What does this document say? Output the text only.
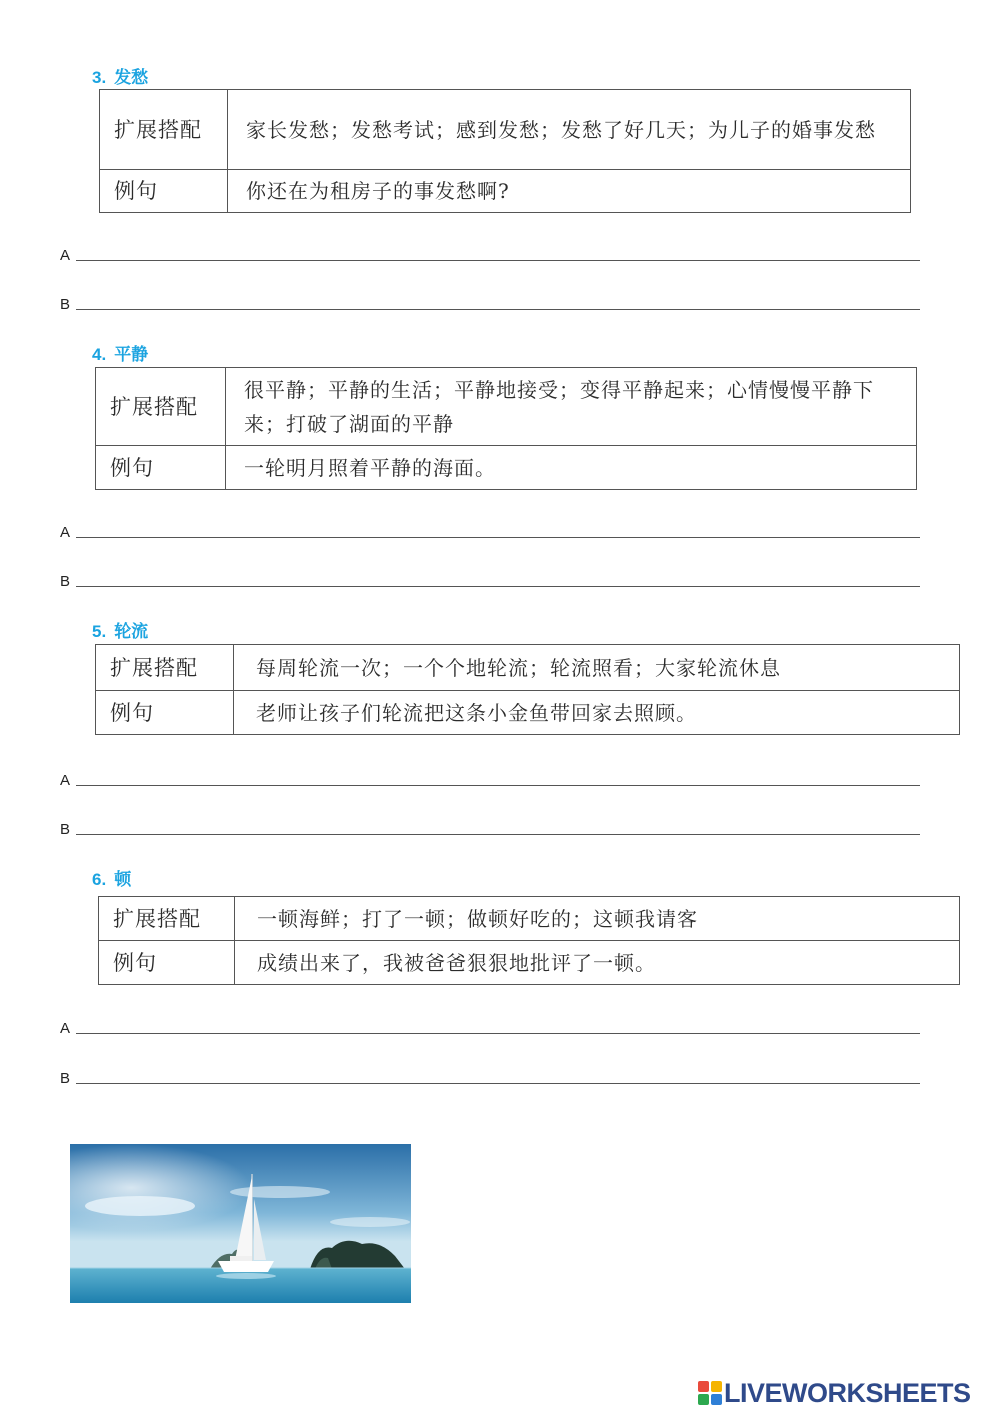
3. 发愁
扩展搭配	家长发愁；发愁考试；感到发愁；发愁了好几天；为儿子的婚事发愁
例句	你还在为租房子的事发愁啊?
A
B
4. 平静
扩展搭配	很平静；平静的生活；平静地接受；变得平静起来；心情慢慢平静下来；打破了湖面的平静
例句	一轮明月照着平静的海面。
A
B
5. 轮流
扩展搭配	每周轮流一次；一个个地轮流；轮流照看；大家轮流休息
例句	老师让孩子们轮流把这条小金鱼带回家去照顾。
A
B
6. 顿
扩展搭配	一顿海鲜；打了一顿；做顿好吃的；这顿我请客
例句	成绩出来了，我被爸爸狠狠地批评了一顿。
A
B
LIVEWORKSHEETS
